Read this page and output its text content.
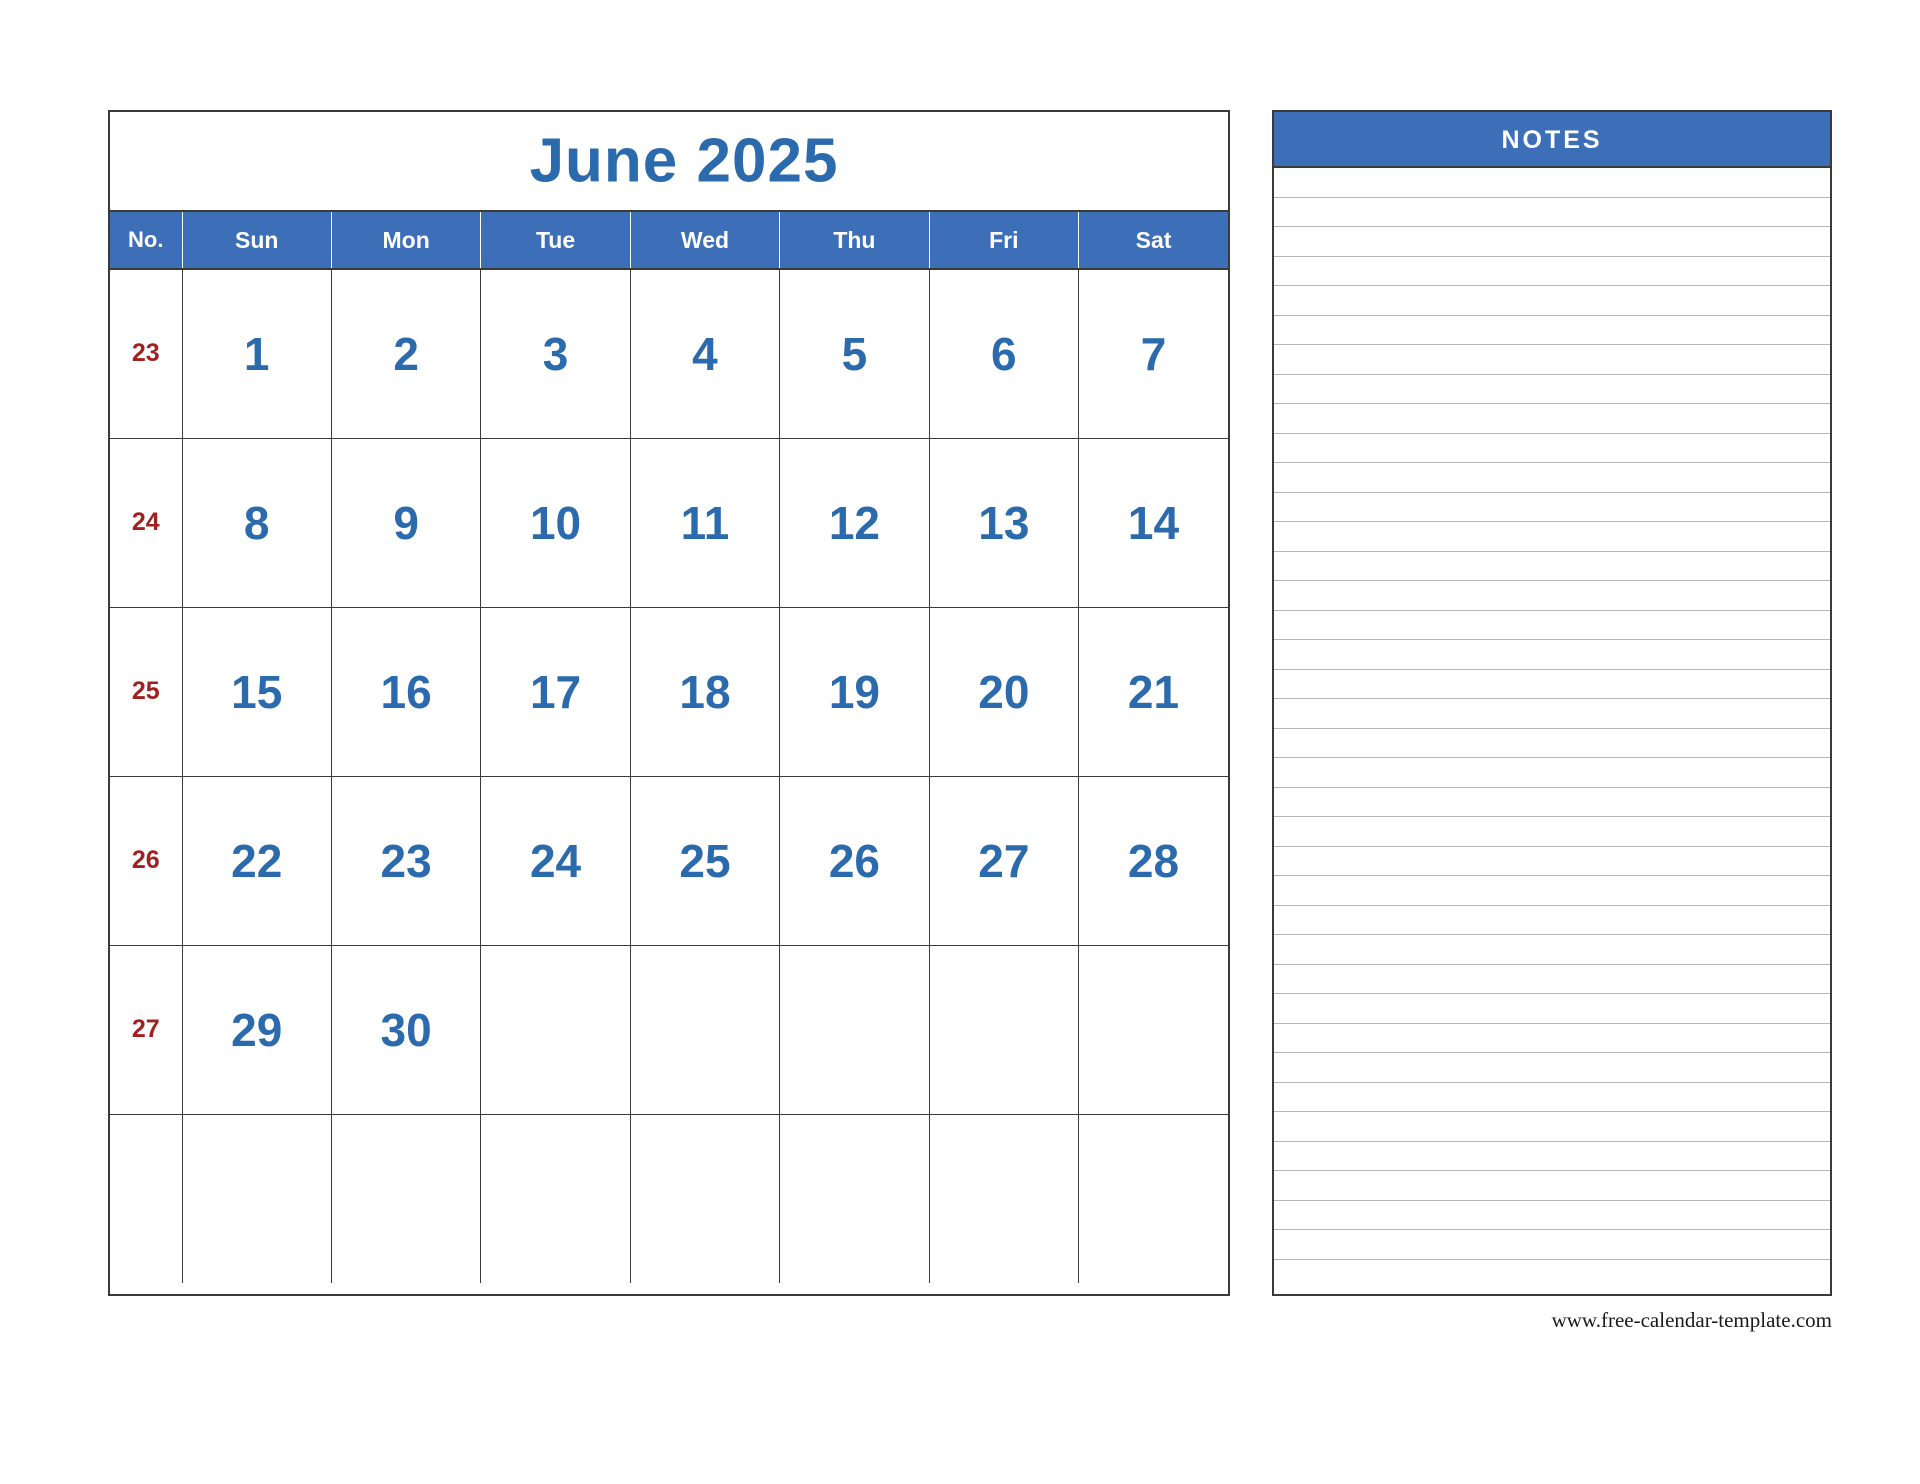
June 2025
No.	Sun	Mon	Tue	Wed	Thu	Fri	Sat
23	1	2	3	4	5	6	7
24	8	9	10	11	12	13	14
25	15	16	17	18	19	20	21
26	22	23	24	25	26	27	28
27	29	30					

NOTES
www.free-calendar-template.com
